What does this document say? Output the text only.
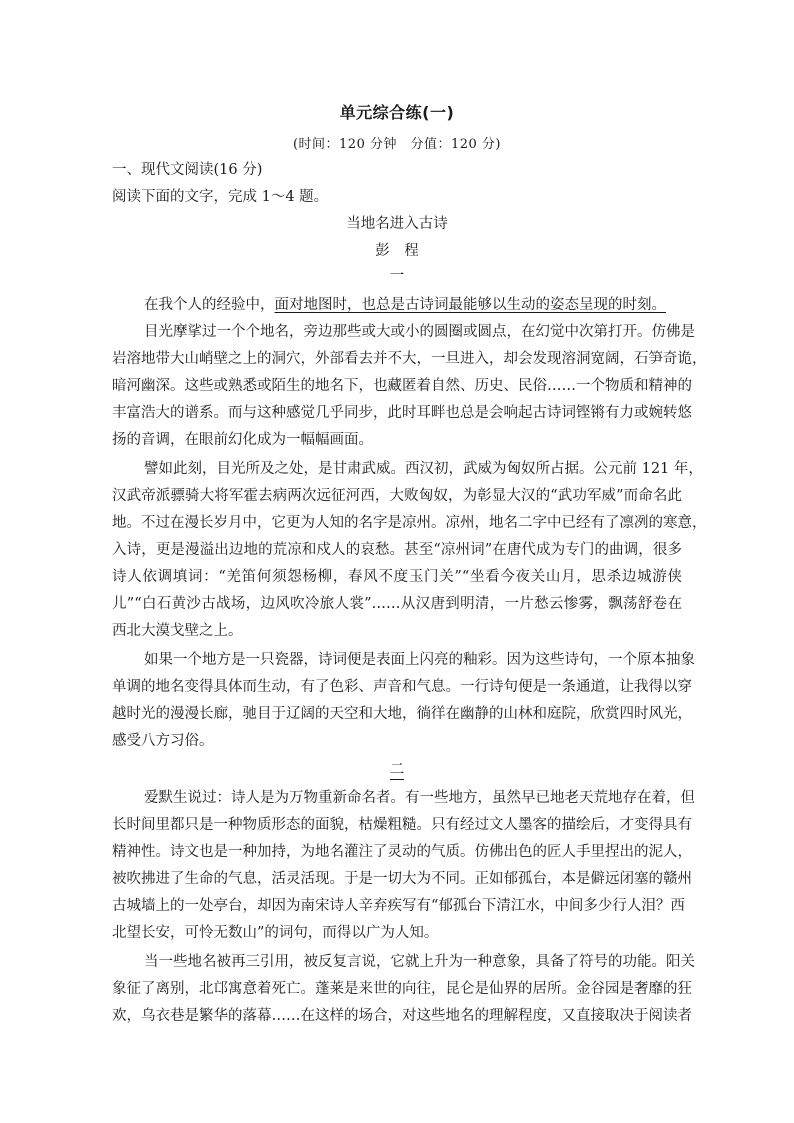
单元综合练(一)
(时间：120 分钟　分值：120 分)
一、现代文阅读(16 分)
阅读下面的文字，完成 1～4 题。
当地名进入古诗
彭　程
一
在我个人的经验中，面对地图时，也总是古诗词最能够以生动的姿态呈现的时刻。
目光摩挲过一个个地名，旁边那些或大或小的圆圈或圆点，在幻觉中次第打开。仿佛是
岩溶地带大山峭壁之上的洞穴，外部看去并不大，一旦进入，却会发现溶洞宽阔，石笋奇诡，
暗河幽深。这些或熟悉或陌生的地名下，也藏匿着自然、历史、民俗……一个物质和精神的
丰富浩大的谱系。而与这种感觉几乎同步，此时耳畔也总是会响起古诗词铿锵有力或婉转悠
扬的音调，在眼前幻化成为一幅幅画面。
譬如此刻，目光所及之处，是甘肃武威。西汉初，武威为匈奴所占据。公元前 121 年，
汉武帝派骠骑大将军霍去病两次远征河西，大败匈奴，为彰显大汉的“武功军威”而命名此
地。不过在漫长岁月中，它更为人知的名字是凉州。凉州，地名二字中已经有了凛冽的寒意，
入诗，更是漫溢出边地的荒凉和戍人的哀愁。甚至“凉州词”在唐代成为专门的曲调，很多
诗人依调填词：“羌笛何须怨杨柳，春风不度玉门关”“坐看今夜关山月，思杀边城游侠
儿”“白石黄沙古战场，边风吹冷旅人裳”……从汉唐到明清，一片愁云惨雾，飘荡舒卷在
西北大漠戈壁之上。
如果一个地方是一只瓷器，诗词便是表面上闪亮的釉彩。因为这些诗句，一个原本抽象
单调的地名变得具体而生动，有了色彩、声音和气息。一行诗句便是一条通道，让我得以穿
越时光的漫漫长廊，驰目于辽阔的天空和大地，徜徉在幽静的山林和庭院，欣赏四时风光，
感受八方习俗。
二
爱默生说过：诗人是为万物重新命名者。有一些地方，虽然早已地老天荒地存在着，但
长时间里都只是一种物质形态的面貌，枯燥粗糙。只有经过文人墨客的描绘后，才变得具有
精神性。诗文也是一种加持，为地名灌注了灵动的气质。仿佛出色的匠人手里捏出的泥人，
被吹拂进了生命的气息，活灵活现。于是一切大为不同。正如郁孤台，本是僻远闭塞的赣州
古城墙上的一处亭台，却因为南宋诗人辛弃疾写有“郁孤台下清江水，中间多少行人泪？西
北望长安，可怜无数山”的词句，而得以广为人知。
当一些地名被再三引用，被反复言说，它就上升为一种意象，具备了符号的功能。阳关
象征了离别，北邙寓意着死亡。蓬莱是来世的向往，昆仑是仙界的居所。金谷园是奢靡的狂
欢，乌衣巷是繁华的落幕……在这样的场合，对这些地名的理解程度，又直接取决于阅读者
